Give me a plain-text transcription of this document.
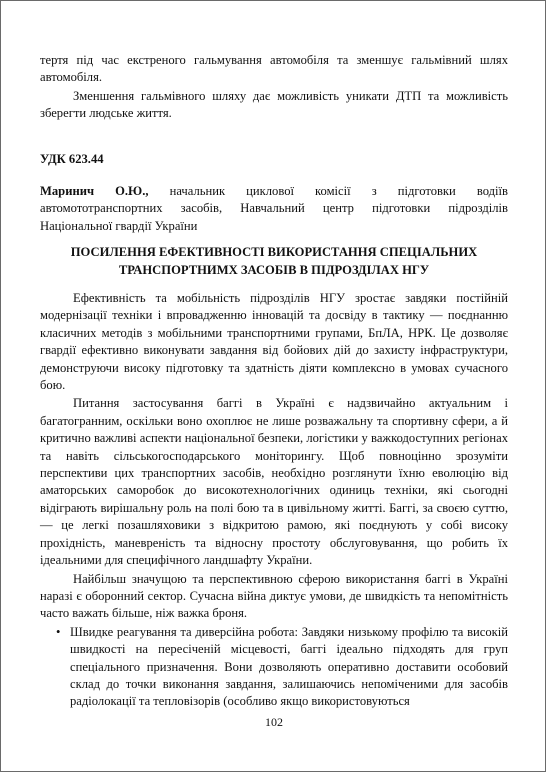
тертя під час екстреного гальмування автомобіля та зменшує гальмівний шлях автомобіля.

Зменшення гальмівного шляху дає можливість уникати ДТП та можливість зберегти людське життя.

УДК 623.44

Маринич О.Ю., начальник циклової комісії з підготовки водіїв автомототранспортних засобів, Навчальний центр підготовки підрозділів Національної гвардії України

ПОСИЛЕННЯ ЕФЕКТИВНОСТІ ВИКОРИСТАННЯ СПЕЦІАЛЬНИХ
ТРАНСПОРТНИМХ ЗАСОБІВ В ПІДРОЗДІЛАХ НГУ

Ефективність та мобільність підрозділів НГУ зростає завдяки постійній модернізації техніки і впровадженню інновацій та досвіду в тактику — поєднанню класичних методів з мобільними транспортними групами, БпЛА, НРК. Це дозволяє гвардії ефективно виконувати завдання від бойових дій до захисту інфраструктури, демонструючи високу підготовку та здатність діяти комплексно в умовах сучасного бою.

Питання застосування баггі в Україні є надзвичайно актуальним і багатогранним, оскільки воно охоплює не лише розважальну та спортивну сфери, а й критично важливі аспекти національної безпеки, логістики у важкодоступних регіонах та навіть сільськогосподарського моніторингу. Щоб повноцінно зрозуміти перспективи цих транспортних засобів, необхідно розглянути їхню еволюцію від аматорських саморобок до високотехнологічних одиниць техніки, які сьогодні відіграють вирішальну роль на полі бою та в цивільному житті. Баггі, за своєю суттю, — це легкі позашляховики з відкритою рамою, які поєднують у собі високу прохідність, маневреність та відносну простоту обслуговування, що робить їх ідеальними для специфічного ландшафту України.

Найбільш значущою та перспективною сферою використання баггі в Україні наразі є оборонний сектор. Сучасна війна диктує умови, де швидкість та непомітність часто важать більше, ніж важка броня.

• Швидке реагування та диверсійна робота: Завдяки низькому профілю та високій швидкості на пересіченій місцевості, баггі ідеально підходять для груп спеціального призначення. Вони дозволяють оперативно доставити особовий склад до точки виконання завдання, залишаючись непоміченими для засобів радіолокації та тепловізорів (особливо якщо використовуються
102
